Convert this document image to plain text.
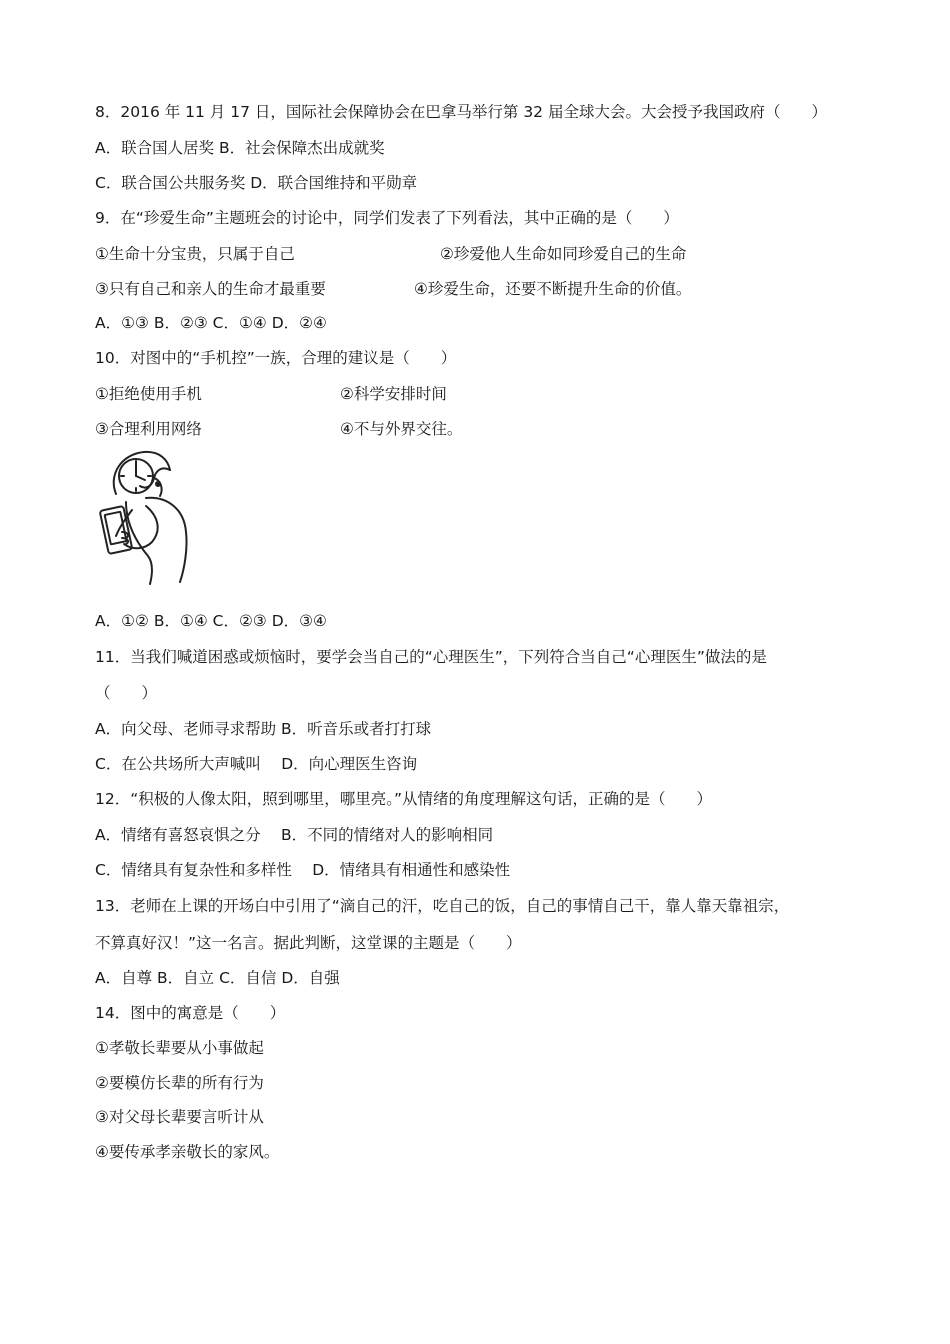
8．2016 年 11 月 17 日，国际社会保障协会在巴拿马举行第 32 届全球大会。大会授予我国政府（　　）
A．联合国人居奖 B．社会保障杰出成就奖
C．联合国公共服务奖 D．联合国维持和平勋章
9．在“珍爱生命”主题班会的讨论中，同学们发表了下列看法，其中正确的是（　　）
①生命十分宝贵，只属于自己	②珍爱他人生命如同珍爱自己的生命
③只有自己和亲人的生命才最重要	④珍爱生命，还要不断提升生命的价值。
A．①③ B．②③ C．①④ D．②④
10．对图中的“手机控”一族，合理的建议是（　　）
①拒绝使用手机	②科学安排时间
③合理利用网络	④不与外界交往。
A．①② B．①④ C．②③ D．③④
11．当我们喊道困惑或烦恼时，要学会当自己的“心理医生”，下列符合当自己“心理医生”做法的是
（　　）
A．向父母、老师寻求帮助 B．听音乐或者打打球
C．在公共场所大声喊叫　 D．向心理医生咨询
12．“积极的人像太阳，照到哪里，哪里亮。”从情绪的角度理解这句话，正确的是（　　）
A．情绪有喜怒哀惧之分　 B．不同的情绪对人的影响相同
C．情绪具有复杂性和多样性　 D．情绪具有相通性和感染性
13．老师在上课的开场白中引用了“滴自己的汗，吃自己的饭，自己的事情自己干，靠人靠天靠祖宗，
不算真好汉！”这一名言。据此判断，这堂课的主题是（　　）
A．自尊 B．自立 C．自信 D．自强
14．图中的寓意是（　　）
①孝敬长辈要从小事做起
②要模仿长辈的所有行为
③对父母长辈要言听计从
④要传承孝亲敬长的家风。
